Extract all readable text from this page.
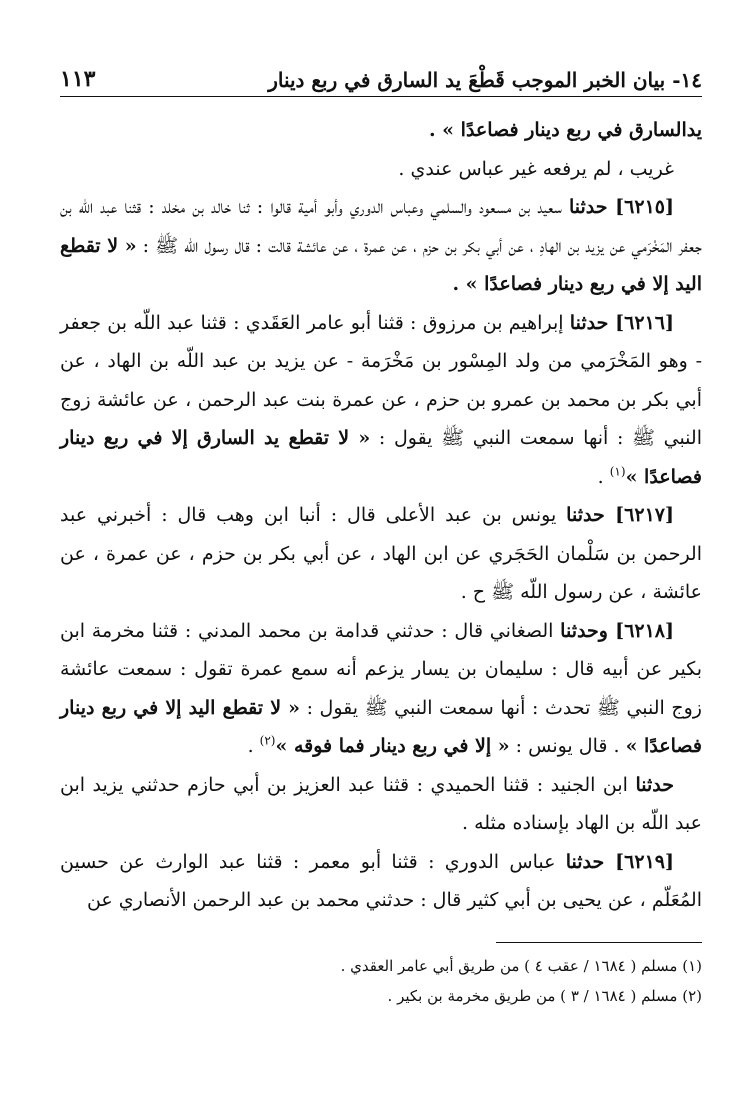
١٤- بيان الخبر الموجب قَطْعَ يد السارق في ربع دينار
١١٣

يدالسارق في ربع دينار فصاعدًا » .

غريب ، لم يرفعه غير عباس عندي .

[٦٢١٥] حدثنا سعيد بن مسعود والسلمي وعباس الدوري وأبو أمية قالوا : ثنا خالد بن مخلد : قثنا عبد اللّه بن جعفر المَخْرَمي عن يزيد بن الهادِ ، عن أبي بكر بن حزم ، عن عمرة ، عن عائشة قالت : قال رسول اللّه ﷺ : « لا تقطع اليد إلا في ربع دينار فصاعدًا » .

[٦٢١٦] حدثنا إبراهيم بن مرزوق : قثنا أبو عامر العَقَدي : قثنا عبد اللّه بن جعفر - وهو المَخْرَمي من ولد المِسْور بن مَخْرَمة - عن يزيد بن عبد اللّه بن الهاد ، عن أبي بكر بن محمد بن عمرو بن حزم ، عن عمرة بنت عبد الرحمن ، عن عائشة زوج النبي ﷺ : أنها سمعت النبي ﷺ يقول : « لا تقطع يد السارق إلا في ربع دينار فصاعدًا »$^{(١)}$ .

[٦٢١٧] حدثنا يونس بن عبد الأعلى قال : أنبا ابن وهب قال : أخبرني عبد الرحمن بن سَلْمان الحَجَري عن ابن الهاد ، عن أبي بكر بن حزم ، عن عمرة ، عن عائشة ، عن رسول اللّه ﷺ ح .

[٦٢١٨] وحدثنا الصغاني قال : حدثني قدامة بن محمد المدني : قثنا مخرمة ابن بكير عن أبيه قال : سليمان بن يسار يزعم أنه سمع عمرة تقول : سمعت عائشة زوج النبي ﷺ تحدث : أنها سمعت النبي ﷺ يقول : « لا تقطع اليد إلا في ربع دينار فصاعدًا » . قال يونس : « إلا في ربع دينار فما فوقه »$^{(٢)}$ .

حدثنا ابن الجنيد : قثنا الحميدي : قثنا عبد العزيز بن أبي حازم حدثني يزيد ابن عبد اللّه بن الهاد بإسناده مثله .

[٦٢١٩] حدثنا عباس الدوري : قثنا أبو معمر : قثنا عبد الوارث عن حسين المُعَلّم ، عن يحيى بن أبي كثير قال : حدثني محمد بن عبد الرحمن الأنصاري عن

(١) مسلم ( ١٦٨٤ / عقب ٤ ) من طريق أبي عامر العقدي .

(٢) مسلم ( ١٦٨٤ / ٣ ) من طريق مخرمة بن بكير .
